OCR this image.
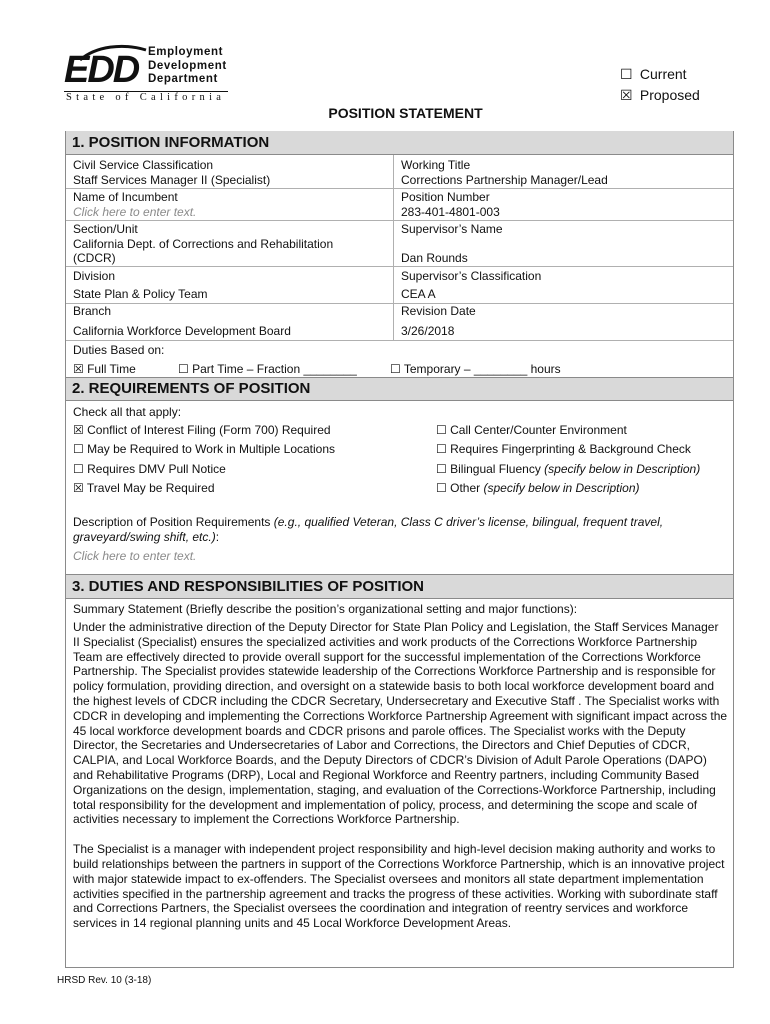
EDD Employment
Development
Department
State of California
☐ Current
☒ Proposed
POSITION STATEMENT
1. POSITION INFORMATION
Civil Service Classification
Staff Services Manager II (Specialist)
Working Title
Corrections Partnership Manager/Lead
Name of Incumbent
Click here to enter text.
Position Number
283-401-4801-003
Section/Unit
California Dept. of Corrections and Rehabilitation (CDCR)
Supervisor’s Name
Dan Rounds
Division
State Plan & Policy Team
Supervisor’s Classification
CEA A
Branch
California Workforce Development Board
Revision Date
3/26/2018
Duties Based on:
☒ Full Time	☐ Part Time – Fraction ________	☐ Temporary – ________ hours
2. REQUIREMENTS OF POSITION
Check all that apply:
☒ Conflict of Interest Filing (Form 700) Required
☐ May be Required to Work in Multiple Locations
☐ Requires DMV Pull Notice
☒ Travel May be Required
☐ Call Center/Counter Environment
☐ Requires Fingerprinting & Background Check
☐ Bilingual Fluency (specify below in Description)
☐ Other (specify below in Description)
Description of Position Requirements (e.g., qualified Veteran, Class C driver’s license, bilingual, frequent travel, graveyard/swing shift, etc.):
Click here to enter text.
3. DUTIES AND RESPONSIBILITIES OF POSITION
Summary Statement (Briefly describe the position’s organizational setting and major functions):

Under the administrative direction of the Deputy Director for State Plan Policy and Legislation, the Staff Services Manager II Specialist (Specialist) ensures the specialized activities and work products of the Corrections Workforce Partnership Team are effectively directed to provide overall support for the successful implementation of the Corrections Workforce Partnership. The Specialist provides statewide leadership of the Corrections Workforce Partnership and is responsible for policy formulation, providing direction, and oversight on a statewide basis to both local workforce development board and the highest levels of CDCR including the CDCR Secretary, Undersecretary and Executive Staff . The Specialist works with CDCR in developing and implementing the Corrections Workforce Partnership Agreement with significant impact across the 45 local workforce development boards and CDCR prisons and parole offices. The Specialist works with the Deputy Director, the Secretaries and Undersecretaries of Labor and Corrections, the Directors and Chief Deputies of CDCR, CALPIA, and Local Workforce Boards, and the Deputy Directors of CDCR’s Division of Adult Parole Operations (DAPO) and Rehabilitative Programs (DRP), Local and Regional Workforce and Reentry partners, including Community Based Organizations on the design, implementation, staging, and evaluation of the Corrections-Workforce Partnership, including total responsibility for the development and implementation of policy, process, and determining the scope and scale of activities necessary to implement the Corrections Workforce Partnership.

The Specialist is a manager with independent project responsibility and high-level decision making authority and works to build relationships between the partners in support of the Corrections Workforce Partnership, which is an innovative project with major statewide impact to ex-offenders. The Specialist oversees and monitors all state department implementation activities specified in the partnership agreement and tracks the progress of these activities. Working with subordinate staff and Corrections Partners, the Specialist oversees the coordination and integration of reentry services and workforce services in 14 regional planning units and 45 Local Workforce Development Areas.

HRSD Rev. 10 (3-18)
